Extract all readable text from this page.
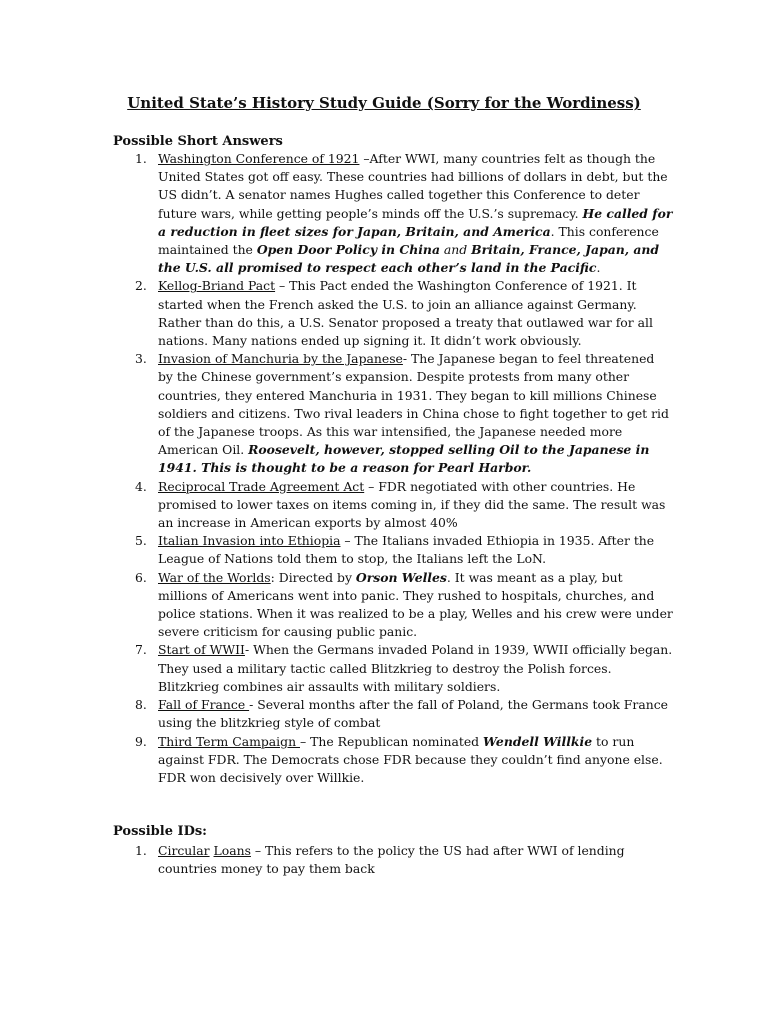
United State’s History Study Guide (Sorry for the Wordiness)
Possible Short Answers
1. Washington Conference of 1921 –After WWI, many countries felt as though the United States got off easy. These countries had billions of dollars in debt, but the US didn’t. A senator names Hughes called together this Conference to deter future wars, while getting people’s minds off the U.S.’s supremacy. He called for a reduction in fleet sizes for Japan, Britain, and America. This conference maintained the Open Door Policy in China and Britain, France, Japan, and the U.S. all promised to respect each other’s land in the Pacific.
2. Kellog-Briand Pact – This Pact ended the Washington Conference of 1921. It started when the French asked the U.S. to join an alliance against Germany. Rather than do this, a U.S. Senator proposed a treaty that outlawed war for all nations. Many nations ended up signing it. It didn’t work obviously.
3. Invasion of Manchuria by the Japanese- The Japanese began to feel threatened by the Chinese government’s expansion. Despite protests from many other countries, they entered Manchuria in 1931. They began to kill millions Chinese soldiers and citizens. Two rival leaders in China chose to fight together to get rid of the Japanese troops. As this war intensified, the Japanese needed more American Oil. Roosevelt, however, stopped selling Oil to the Japanese in 1941. This is thought to be a reason for Pearl Harbor.
4. Reciprocal Trade Agreement Act – FDR negotiated with other countries. He promised to lower taxes on items coming in, if they did the same. The result was an increase in American exports by almost 40%
5. Italian Invasion into Ethiopia – The Italians invaded Ethiopia in 1935. After the League of Nations told them to stop, the Italians left the LoN.
6. War of the Worlds: Directed by Orson Welles. It was meant as a play, but millions of Americans went into panic. They rushed to hospitals, churches, and police stations. When it was realized to be a play, Welles and his crew were under severe criticism for causing public panic.
7. Start of WWII- When the Germans invaded Poland in 1939, WWII officially began. They used a military tactic called Blitzkrieg to destroy the Polish forces. Blitzkrieg combines air assaults with military soldiers.
8. Fall of France - Several months after the fall of Poland, the Germans took France using the blitzkrieg style of combat
9. Third Term Campaign – The Republican nominated Wendell Willkie to run against FDR. The Democrats chose FDR because they couldn’t find anyone else. FDR won decisively over Willkie.
Possible IDs:
1. Circular Loans – This refers to the policy the US had after WWI of lending countries money to pay them back
